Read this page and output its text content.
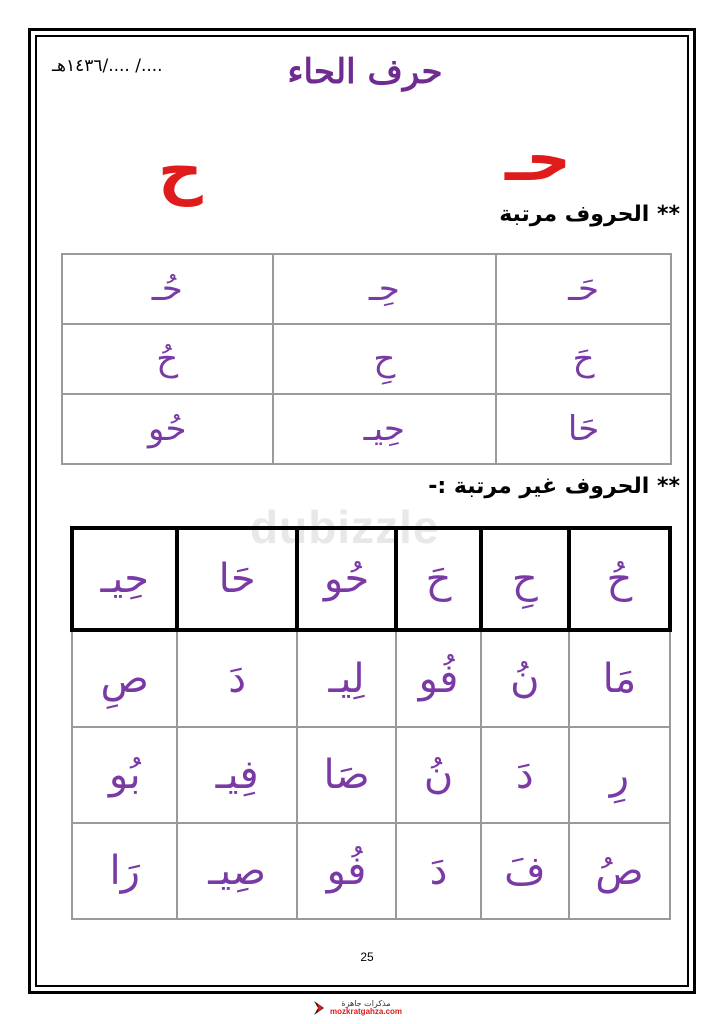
..../ ..../١٤٣٦هـ	حرف الحاء
حـ
ح
** الحروف مرتبة
حَـ	حِـ	حُـ
حَ	حِ	حُ
حَا	حِيـ	حُو
** الحروف غير مرتبة :-
dubizzle
حُ	حِ	حَ	حُو	حَا	حِيـ
مَا	نُ	فُو	لِيـ	دَ	صِ
رِ	دَ	نُ	صَا	فِيـ	بُو
صُ	فَ	دَ	فُو	صِيـ	رَا
25
مذكرات جاهزة
mozkratgahza.com
